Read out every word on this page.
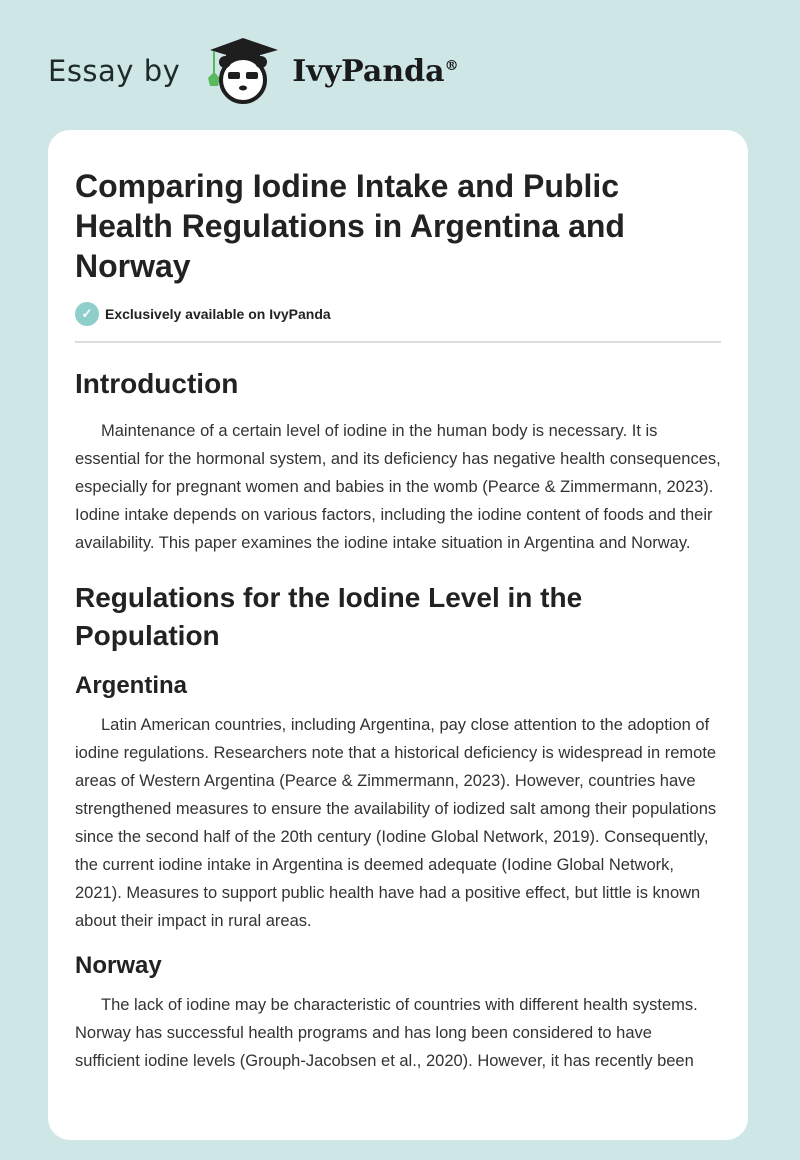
Essay by	IvyPanda®
Comparing Iodine Intake and Public Health Regulations in Argentina and Norway
✓ Exclusively available on IvyPanda
Introduction

Maintenance of a certain level of iodine in the human body is necessary. It is essential for the hormonal system, and its deficiency has negative health consequences, especially for pregnant women and babies in the womb (Pearce & Zimmermann, 2023). Iodine intake depends on various factors, including the iodine content of foods and their availability. This paper examines the iodine intake situation in Argentina and Norway.

Regulations for the Iodine Level in the Population
Argentina

Latin American countries, including Argentina, pay close attention to the adoption of iodine regulations. Researchers note that a historical deficiency is widespread in remote areas of Western Argentina (Pearce & Zimmermann, 2023). However, countries have strengthened measures to ensure the availability of iodized salt among their populations since the second half of the 20th century (Iodine Global Network, 2019). Consequently, the current iodine intake in Argentina is deemed adequate (Iodine Global Network, 2021). Measures to support public health have had a positive effect, but little is known about their impact in rural areas.

Norway

The lack of iodine may be characteristic of countries with different health systems. Norway has successful health programs and has long been considered to have sufficient iodine levels (Grouph-Jacobsen et al., 2020). However, it has recently been
